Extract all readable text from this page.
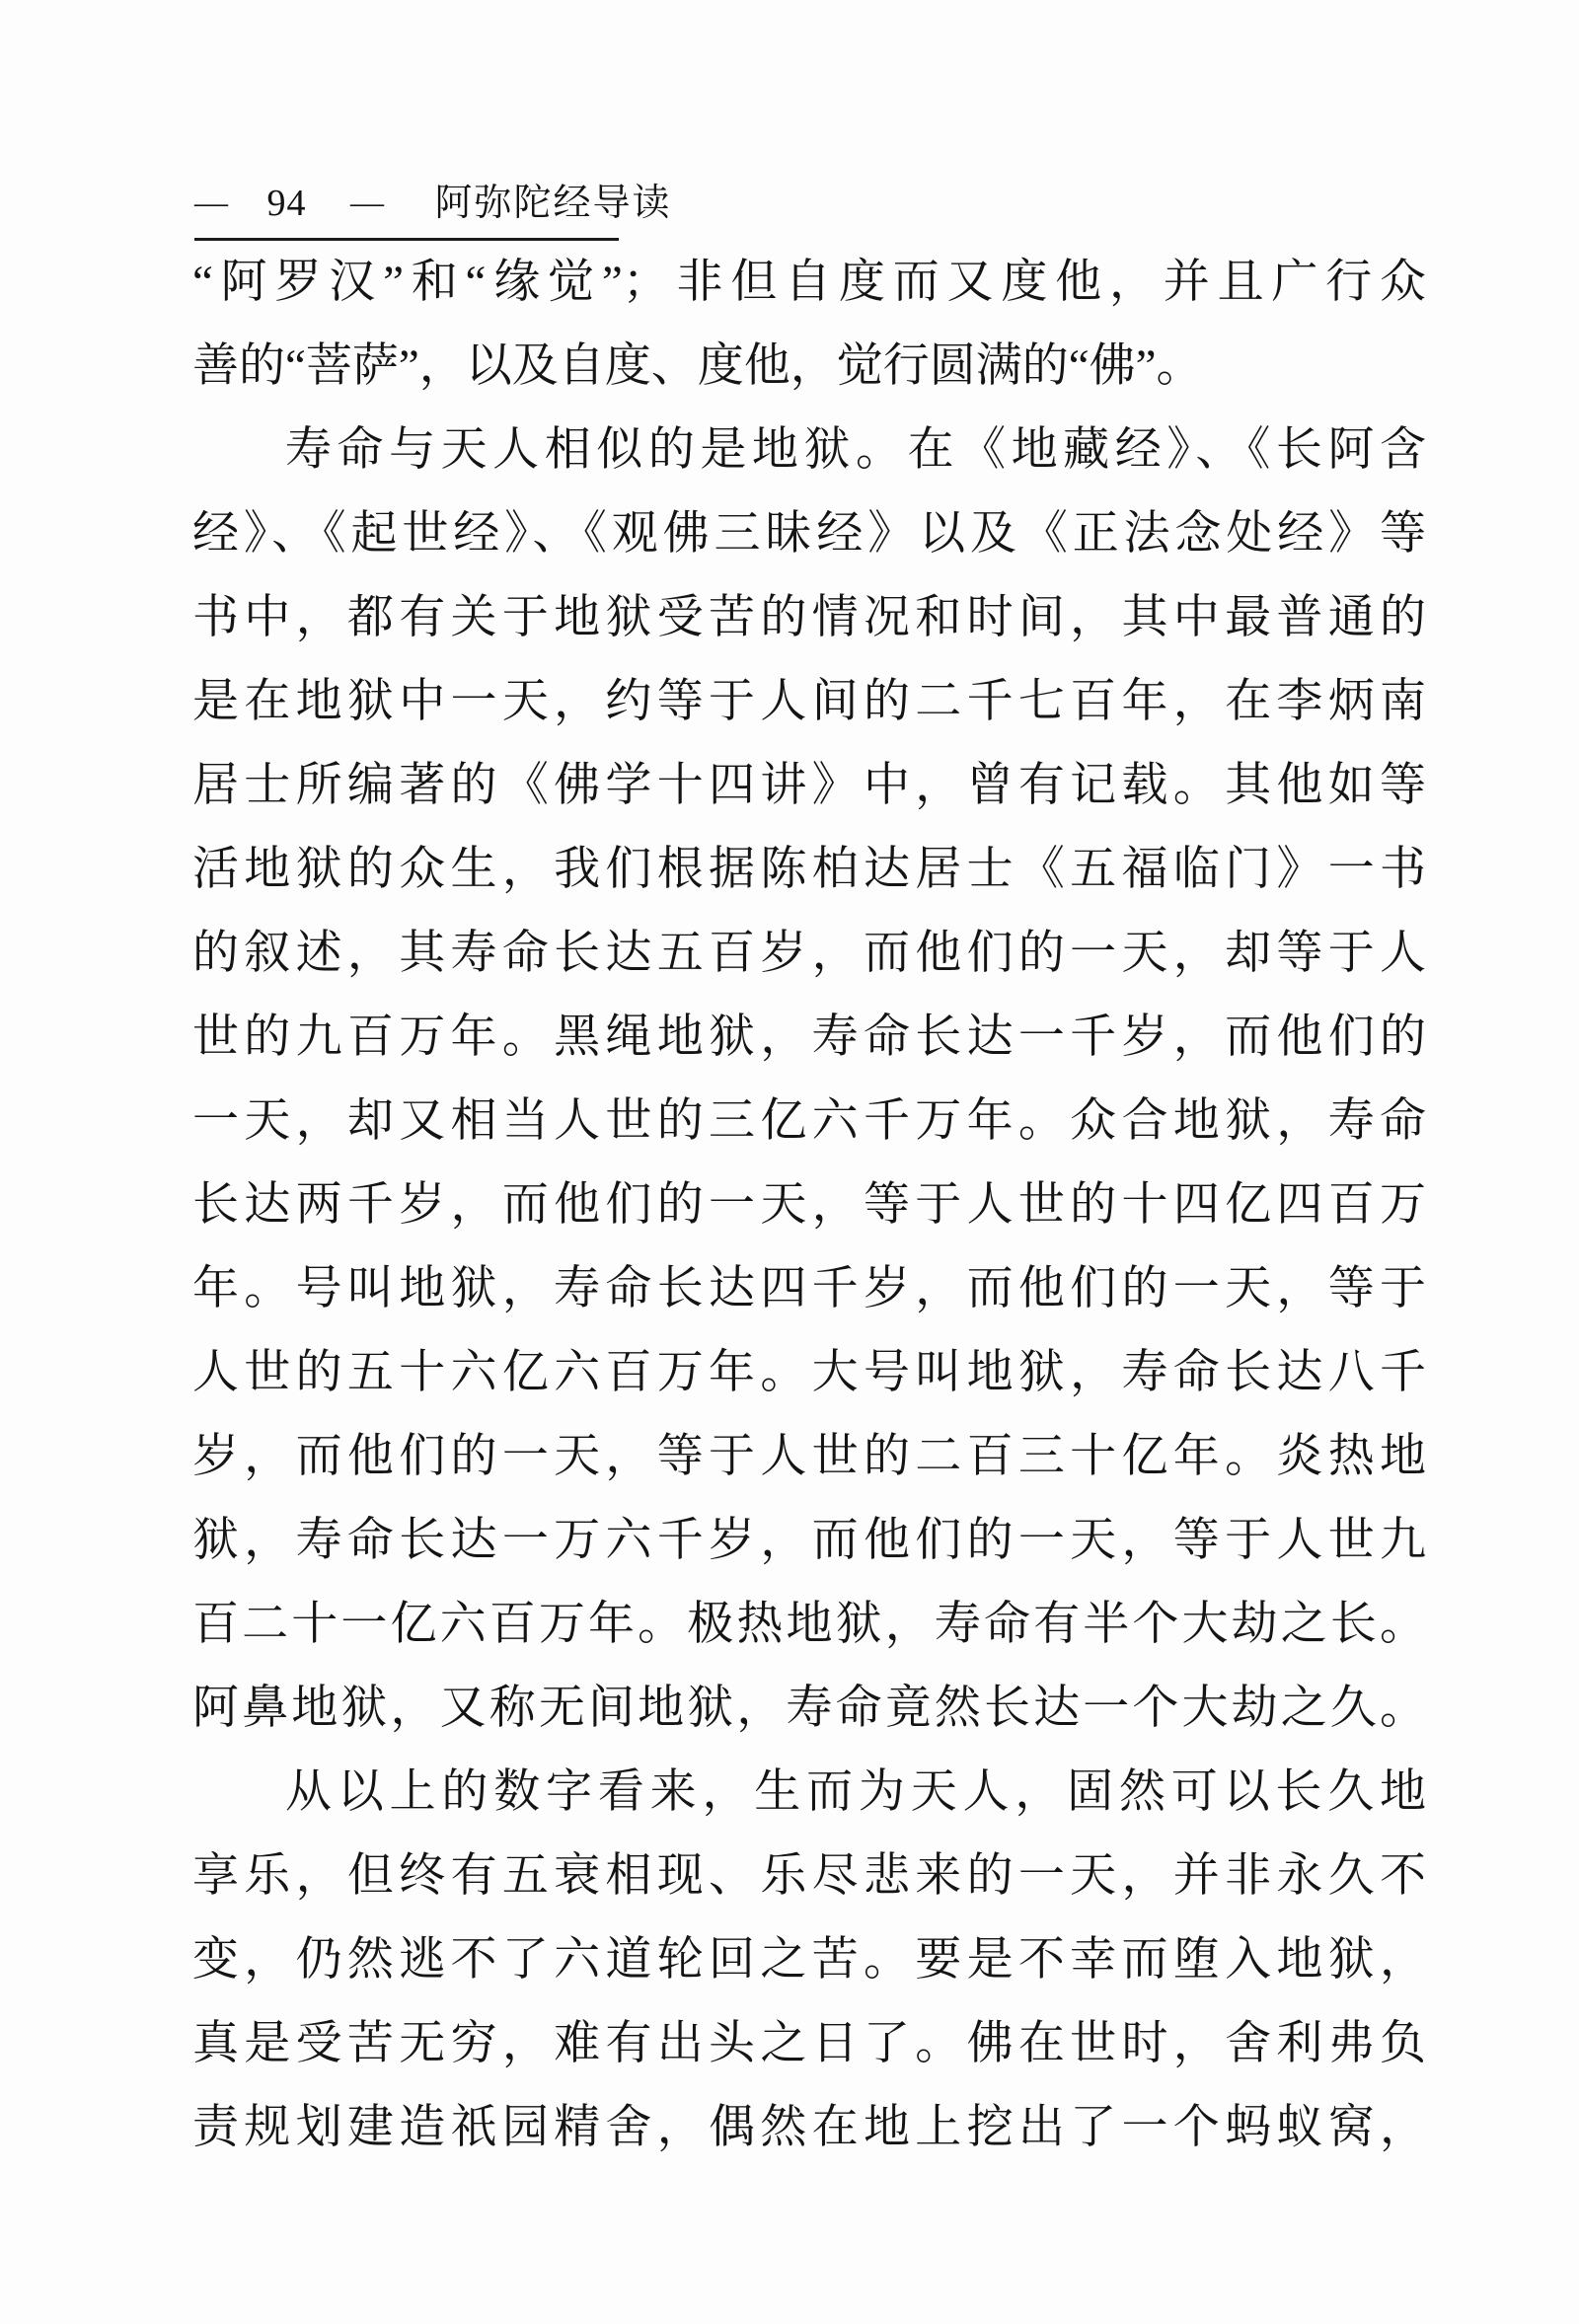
— 94 — 阿弥陀经导读
“阿罗汉”和“缘觉”；非但自度而又度他，并且广行众
善的“菩萨”，以及自度、度他，觉行圆满的“佛”。
寿命与天人相似的是地狱。在《地藏经》、《长阿含
经》、《起世经》、《观佛三昧经》以及《正法念处经》等
书中，都有关于地狱受苦的情况和时间，其中最普通的
是在地狱中一天，约等于人间的二千七百年，在李炳南
居士所编著的《佛学十四讲》中，曾有记载。其他如等
活地狱的众生，我们根据陈柏达居士《五福临门》一书
的叙述，其寿命长达五百岁，而他们的一天，却等于人
世的九百万年。黑绳地狱，寿命长达一千岁，而他们的
一天，却又相当人世的三亿六千万年。众合地狱，寿命
长达两千岁，而他们的一天，等于人世的十四亿四百万
年。号叫地狱，寿命长达四千岁，而他们的一天，等于
人世的五十六亿六百万年。大号叫地狱，寿命长达八千
岁，而他们的一天，等于人世的二百三十亿年。炎热地
狱，寿命长达一万六千岁，而他们的一天，等于人世九
百二十一亿六百万年。极热地狱，寿命有半个大劫之长。
阿鼻地狱，又称无间地狱，寿命竟然长达一个大劫之久。
从以上的数字看来，生而为天人，固然可以长久地
享乐，但终有五衰相现、乐尽悲来的一天，并非永久不
变，仍然逃不了六道轮回之苦。要是不幸而堕入地狱，
真是受苦无穷，难有出头之日了。佛在世时，舍利弗负
责规划建造祇园精舍，偶然在地上挖出了一个蚂蚁窝，
